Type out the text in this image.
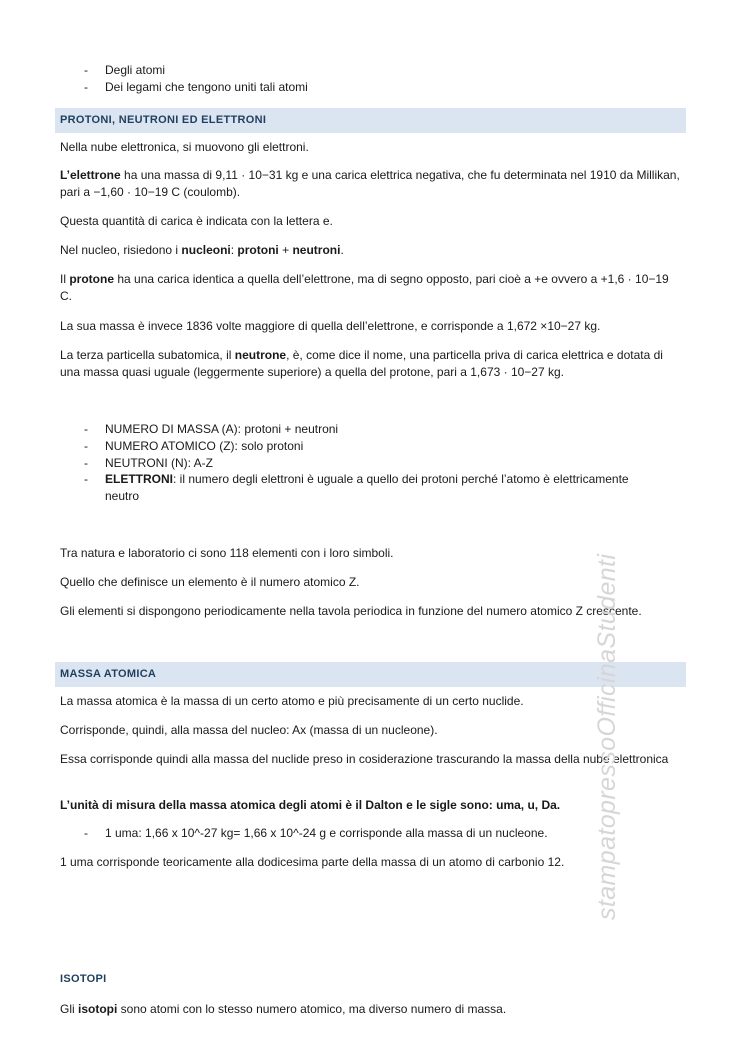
- Degli atomi
- Dei legami che tengono uniti tali atomi
PROTONI, NEUTRONI ED ELETTRONI
Nella nube elettronica, si muovono gli elettroni.
L’elettrone ha una massa di 9,11 · 10−31 kg e una carica elettrica negativa, che fu determinata nel 1910 da Millikan, pari a −1,60 · 10−19 C (coulomb).
Questa quantità di carica è indicata con la lettera e.
Nel nucleo, risiedono i nucleoni: protoni + neutroni.
Il protone ha una carica identica a quella dell’elettrone, ma di segno opposto, pari cioè a +e ovvero a +1,6 · 10−19 C.
La sua massa è invece 1836 volte maggiore di quella dell’elettrone, e corrisponde a 1,672 ×10−27 kg.
La terza particella subatomica, il neutrone, è, come dice il nome, una particella priva di carica elettrica e dotata di una massa quasi uguale (leggermente superiore) a quella del protone, pari a 1,673 · 10−27 kg.
- NUMERO DI MASSA (A): protoni + neutroni
- NUMERO ATOMICO (Z): solo protoni
- NEUTRONI (N): A-Z
- ELETTRONI: il numero degli elettroni è uguale a quello dei protoni perché l’atomo è elettricamente
neutro
Tra natura e laboratorio ci sono 118 elementi con i loro simboli.
Quello che definisce un elemento è il numero atomico Z.
Gli elementi si dispongono periodicamente nella tavola periodica in funzione del numero atomico Z crescente.
MASSA ATOMICA
La massa atomica è la massa di un certo atomo e più precisamente di un certo nuclide.
Corrisponde, quindi, alla massa del nucleo: Ax (massa di un nucleone).
Essa corrisponde quindi alla massa del nuclide preso in cosiderazione trascurando la massa della nube elettronica
L’unità di misura della massa atomica degli atomi è il Dalton e le sigle sono: uma, u, Da.
- 1 uma: 1,66 x 10^-27 kg= 1,66 x 10^-24 g e corrisponde alla massa di un nucleone.
1 uma corrisponde teoricamente alla dodicesima parte della massa di un atomo di carbonio 12.
ISOTOPI
Gli isotopi sono atomi con lo stesso numero atomico, ma diverso numero di massa.
stampatopressoOfficinaStudenti
